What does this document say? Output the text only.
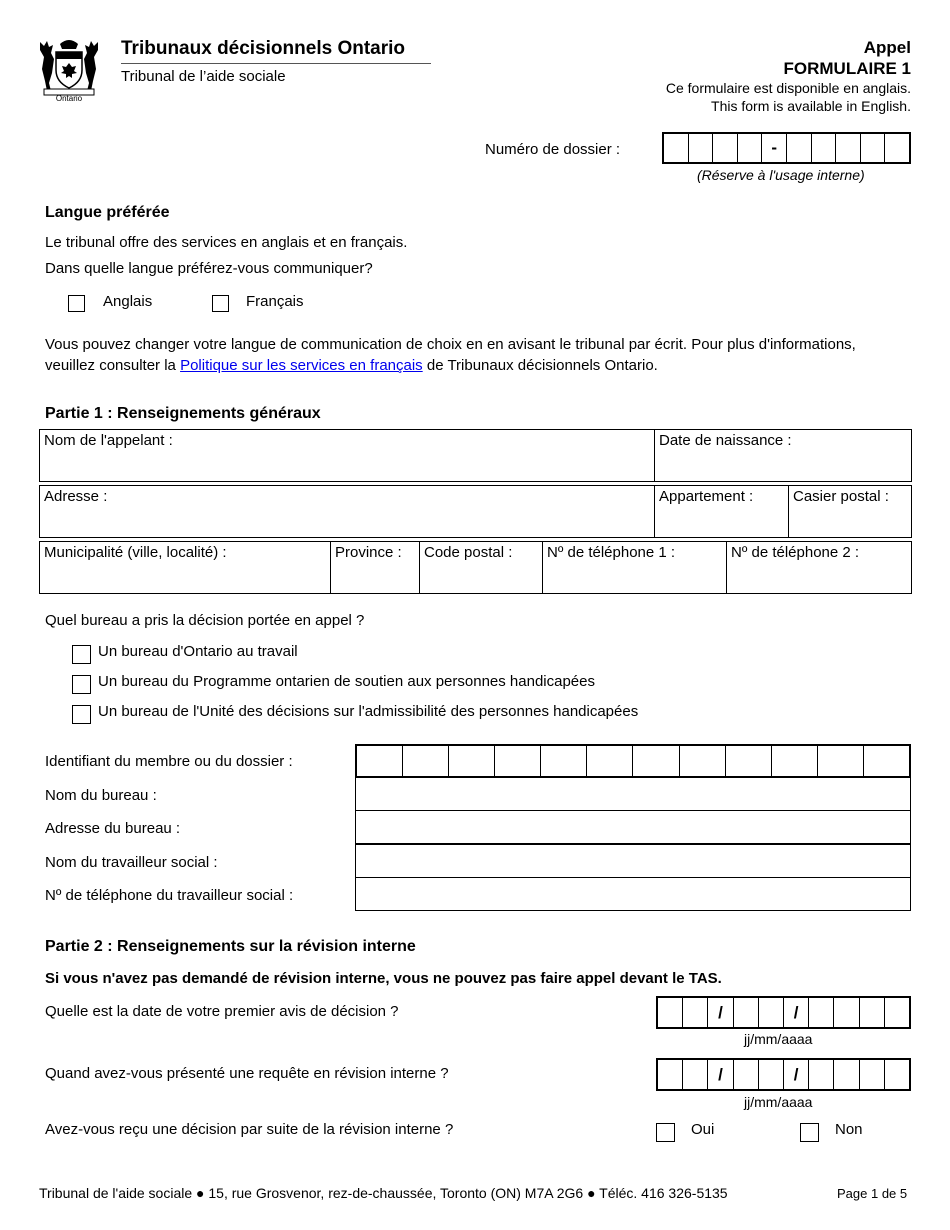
Ontario
Tribunaux décisionnels Ontario
Tribunal de l’aide sociale
Appel
FORMULAIRE 1
Ce formulaire est disponible en anglais.
This form is available in English.
Numéro de dossier :	-
(Réserve à l'usage interne)
Langue préférée
Le tribunal offre des services en anglais et en français.
Dans quelle langue préférez-vous communiquer?
Anglais	Français
Vous pouvez changer votre langue de communication de choix en en avisant le tribunal par écrit. Pour plus d'informations, veuillez consulter la Politique sur les services en français de Tribunaux décisionnels Ontario.
Partie 1 : Renseignements généraux
Nom de l'appelant :	Date de naissance :
Adresse :	Appartement :	Casier postal :
Municipalité (ville, localité) :	Province :	Code postal :	Nº de téléphone 1 :	Nº de téléphone 2 :
Quel bureau a pris la décision portée en appel ?
Un bureau d'Ontario au travail
Un bureau du Programme ontarien de soutien aux personnes handicapées
Un bureau de l'Unité des décisions sur l'admissibilité des personnes handicapées
Identifiant du membre ou du dossier :
Nom du bureau :
Adresse du bureau :
Nom du travailleur social :
Nº de téléphone du travailleur social :
Partie 2 : Renseignements sur la révision interne
Si vous n'avez pas demandé de révision interne, vous ne pouvez pas faire appel devant le TAS.
Quelle est la date de votre premier avis de décision ?	/	/
jj/mm/aaaa
Quand avez-vous présenté une requête en révision interne ?	/	/
jj/mm/aaaa
Avez-vous reçu une décision par suite de la révision interne ?	Oui	Non
Tribunal de l'aide sociale ● 15, rue Grosvenor, rez-de-chaussée, Toronto (ON) M7A 2G6 ● Téléc. 416 326-5135	Page 1 de 5
